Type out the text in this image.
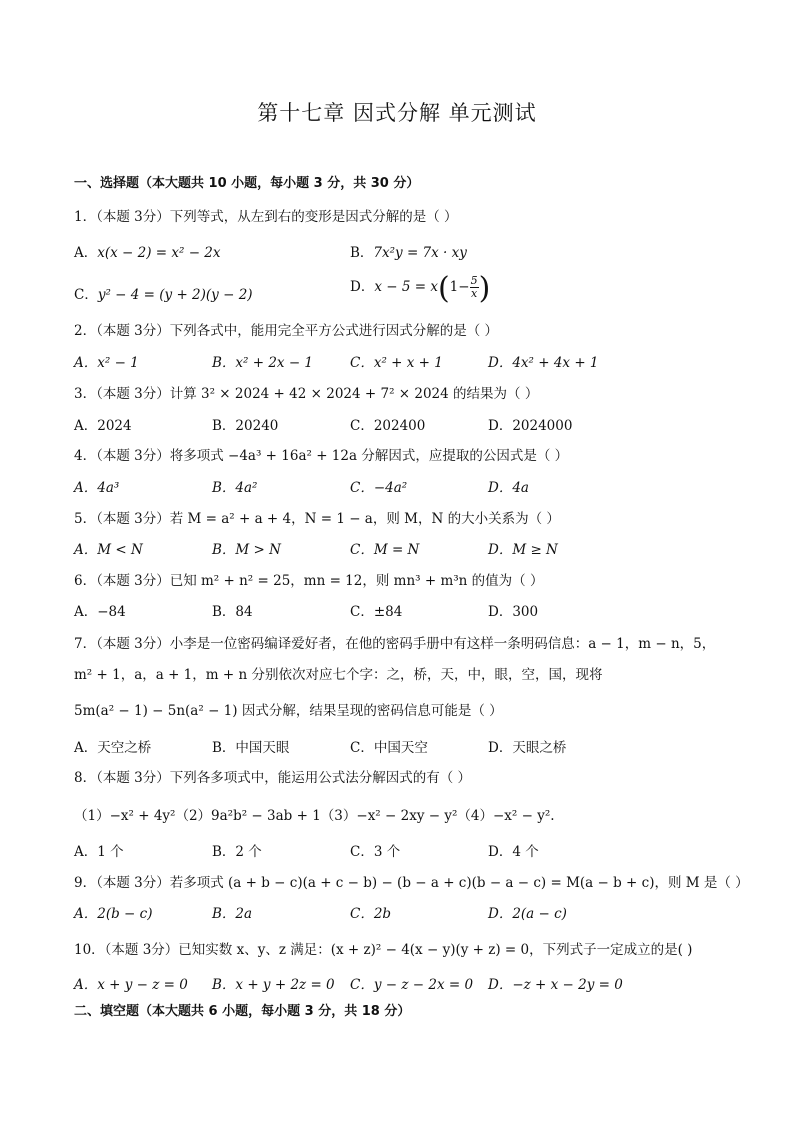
第十七章 因式分解 单元测试
一、选择题（本大题共 10 小题，每小题 3 分，共 30 分）
1．（本题 3分）下列等式，从左到右的变形是因式分解的是（ ）
A．x(x − 2) = x² − 2x	B．7x²y = 7x · xy
C．y² − 4 = (y + 2)(y − 2)	D．$x - 5 = x(1- \frac{5}{x}$ )
2．（本题 3分）下列各式中，能用完全平方公式进行因式分解的是（ ）
A．x² − 1	B．x² + 2x − 1	C．x² + x + 1	D．4x² + 4x + 1
3．（本题 3分）计算 3² × 2024 + 42 × 2024 + 7² × 2024 的结果为（ ）
A．2024	B．20240	C．202400	D．2024000
4．（本题 3分）将多项式 −4a³ + 16a² + 12a 分解因式，应提取的公因式是（ ）
A．4a³	B．4a²	C．−4a²	D．4a
5．（本题 3分）若 M = a² + a + 4，N = 1 − a，则 M，N 的大小关系为（ ）
A．M < N	B．M > N	C．M = N	D．M ≥ N
6．（本题 3分）已知 m² + n² = 25，mn = 12，则 mn³ + m³n 的值为（ ）
A．−84	B．84	C．±84	D．300
7．（本题 3分）小李是一位密码编译爱好者，在他的密码手册中有这样一条明码信息：a − 1，m − n，5，
m² + 1，a，a + 1，m + n 分别依次对应七个字：之，桥，天，中，眼，空，国，现将
5m(a² − 1) − 5n(a² − 1) 因式分解，结果呈现的密码信息可能是（ ）
A．天空之桥	B．中国天眼	C．中国天空	D．天眼之桥
8．（本题 3分）下列各多项式中，能运用公式法分解因式的有（ ）
（1）−x² + 4y²（2）9a²b² − 3ab + 1（3）−x² − 2xy − y²（4）−x² − y².
A．1 个	B．2 个	C．3 个	D．4 个
9．（本题 3分）若多项式 (a + b − c)(a + c − b) − (b − a + c)(b − a − c) = M(a − b + c)，则 M 是（ ）
A．2(b − c)	B．2a	C．2b	D．2(a − c)
10．（本题 3分）已知实数 x、y、z 满足：(x + z)² − 4(x − y)(y + z) = 0，下列式子一定成立的是( )
A．x + y − z = 0 B．x + y + 2z = 0 C．y − z − 2x = 0 D．−z + x − 2y = 0
二、填空题（本大题共 6 小题，每小题 3 分，共 18 分）
